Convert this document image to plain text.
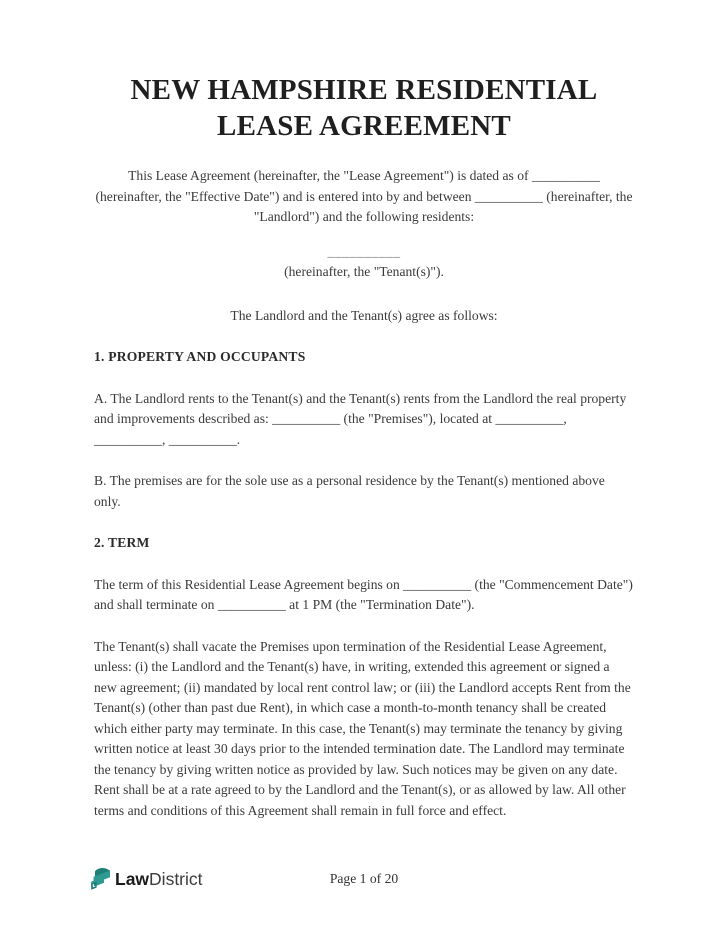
NEW HAMPSHIRE RESIDENTIAL LEASE AGREEMENT

This Lease Agreement (hereinafter, the "Lease Agreement") is dated as of __________ (hereinafter, the "Effective Date") and is entered into by and between __________ (hereinafter, the "Landlord") and the following residents:

__________

(hereinafter, the "Tenant(s)").

The Landlord and the Tenant(s) agree as follows:

1. PROPERTY AND OCCUPANTS

A. The Landlord rents to the Tenant(s) and the Tenant(s) rents from the Landlord the real property and improvements described as: __________ (the "Premises"), located at __________, __________, __________.

B. The premises are for the sole use as a personal residence by the Tenant(s) mentioned above only.

2. TERM

The term of this Residential Lease Agreement begins on __________ (the "Commencement Date") and shall terminate on __________ at 1 PM (the "Termination Date").

The Tenant(s) shall vacate the Premises upon termination of the Residential Lease Agreement, unless: (i) the Landlord and the Tenant(s) have, in writing, extended this agreement or signed a new agreement; (ii) mandated by local rent control law; or (iii) the Landlord accepts Rent from the Tenant(s) (other than past due Rent), in which case a month-to-month tenancy shall be created which either party may terminate. In this case, the Tenant(s) may terminate the tenancy by giving written notice at least 30 days prior to the intended termination date. The Landlord may terminate the tenancy by giving written notice as provided by law. Such notices may be given on any date. Rent shall be at a rate agreed to by the Landlord and the Tenant(s), or as allowed by law. All other terms and conditions of this Agreement shall remain in full force and effect.

LawDistrict	Page 1 of 20
